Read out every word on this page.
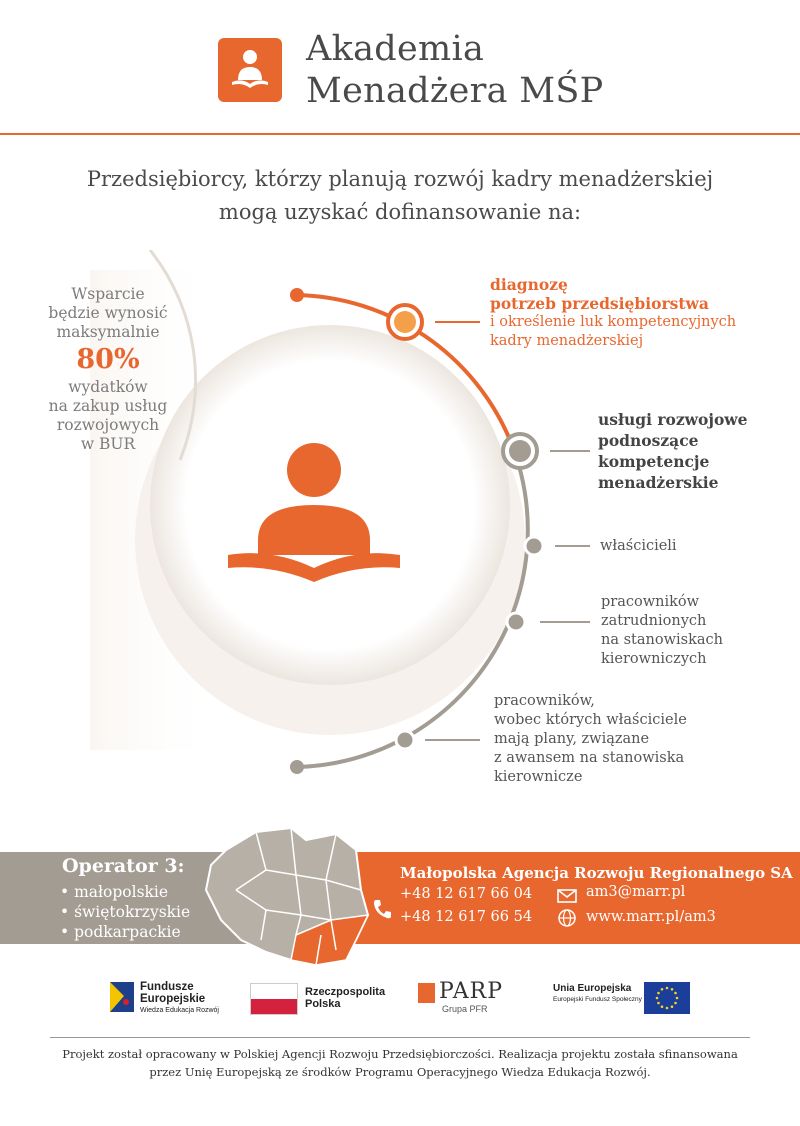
Akademia
Menadżera MŚP
Przedsiębiorcy, którzy planują rozwój kadry menadżerskiej
mogą uzyskać dofinansowanie na:
Wsparcie
będzie wynosić
maksymalnie
80%
wydatków
na zakup usług
rozwojowych
w BUR
diagnozę
potrzeb przedsiębiorstwa
i określenie luk kompetencyjnych
kadry menadżerskiej
usługi rozwojowe
podnoszące
kompetencje
menadżerskie
właścicieli
pracowników
zatrudnionych
na stanowiskach
kierowniczych
pracowników,
wobec których właściciele
mają plany, związane
z awansem na stanowiska
kierownicze
Operator 3:
• małopolskie
• świętokrzyskie
• podkarpackie
Małopolska Agencja Rozwoju Regionalnego SA
+48 12 617 66 04
+48 12 617 66 54
am3@marr.pl
www.marr.pl/am3
Fundusze
Europejskie
Wiedza Edukacja Rozwój
Rzeczpospolita
Polska	PARP
Grupa PFR
Unia Europejska
Europejski Fundusz Społeczny
Projekt został opracowany w Polskiej Agencji Rozwoju Przedsiębiorczości. Realizacja projektu została sfinansowana
przez Unię Europejską ze środków Programu Operacyjnego Wiedza Edukacja Rozwój.
